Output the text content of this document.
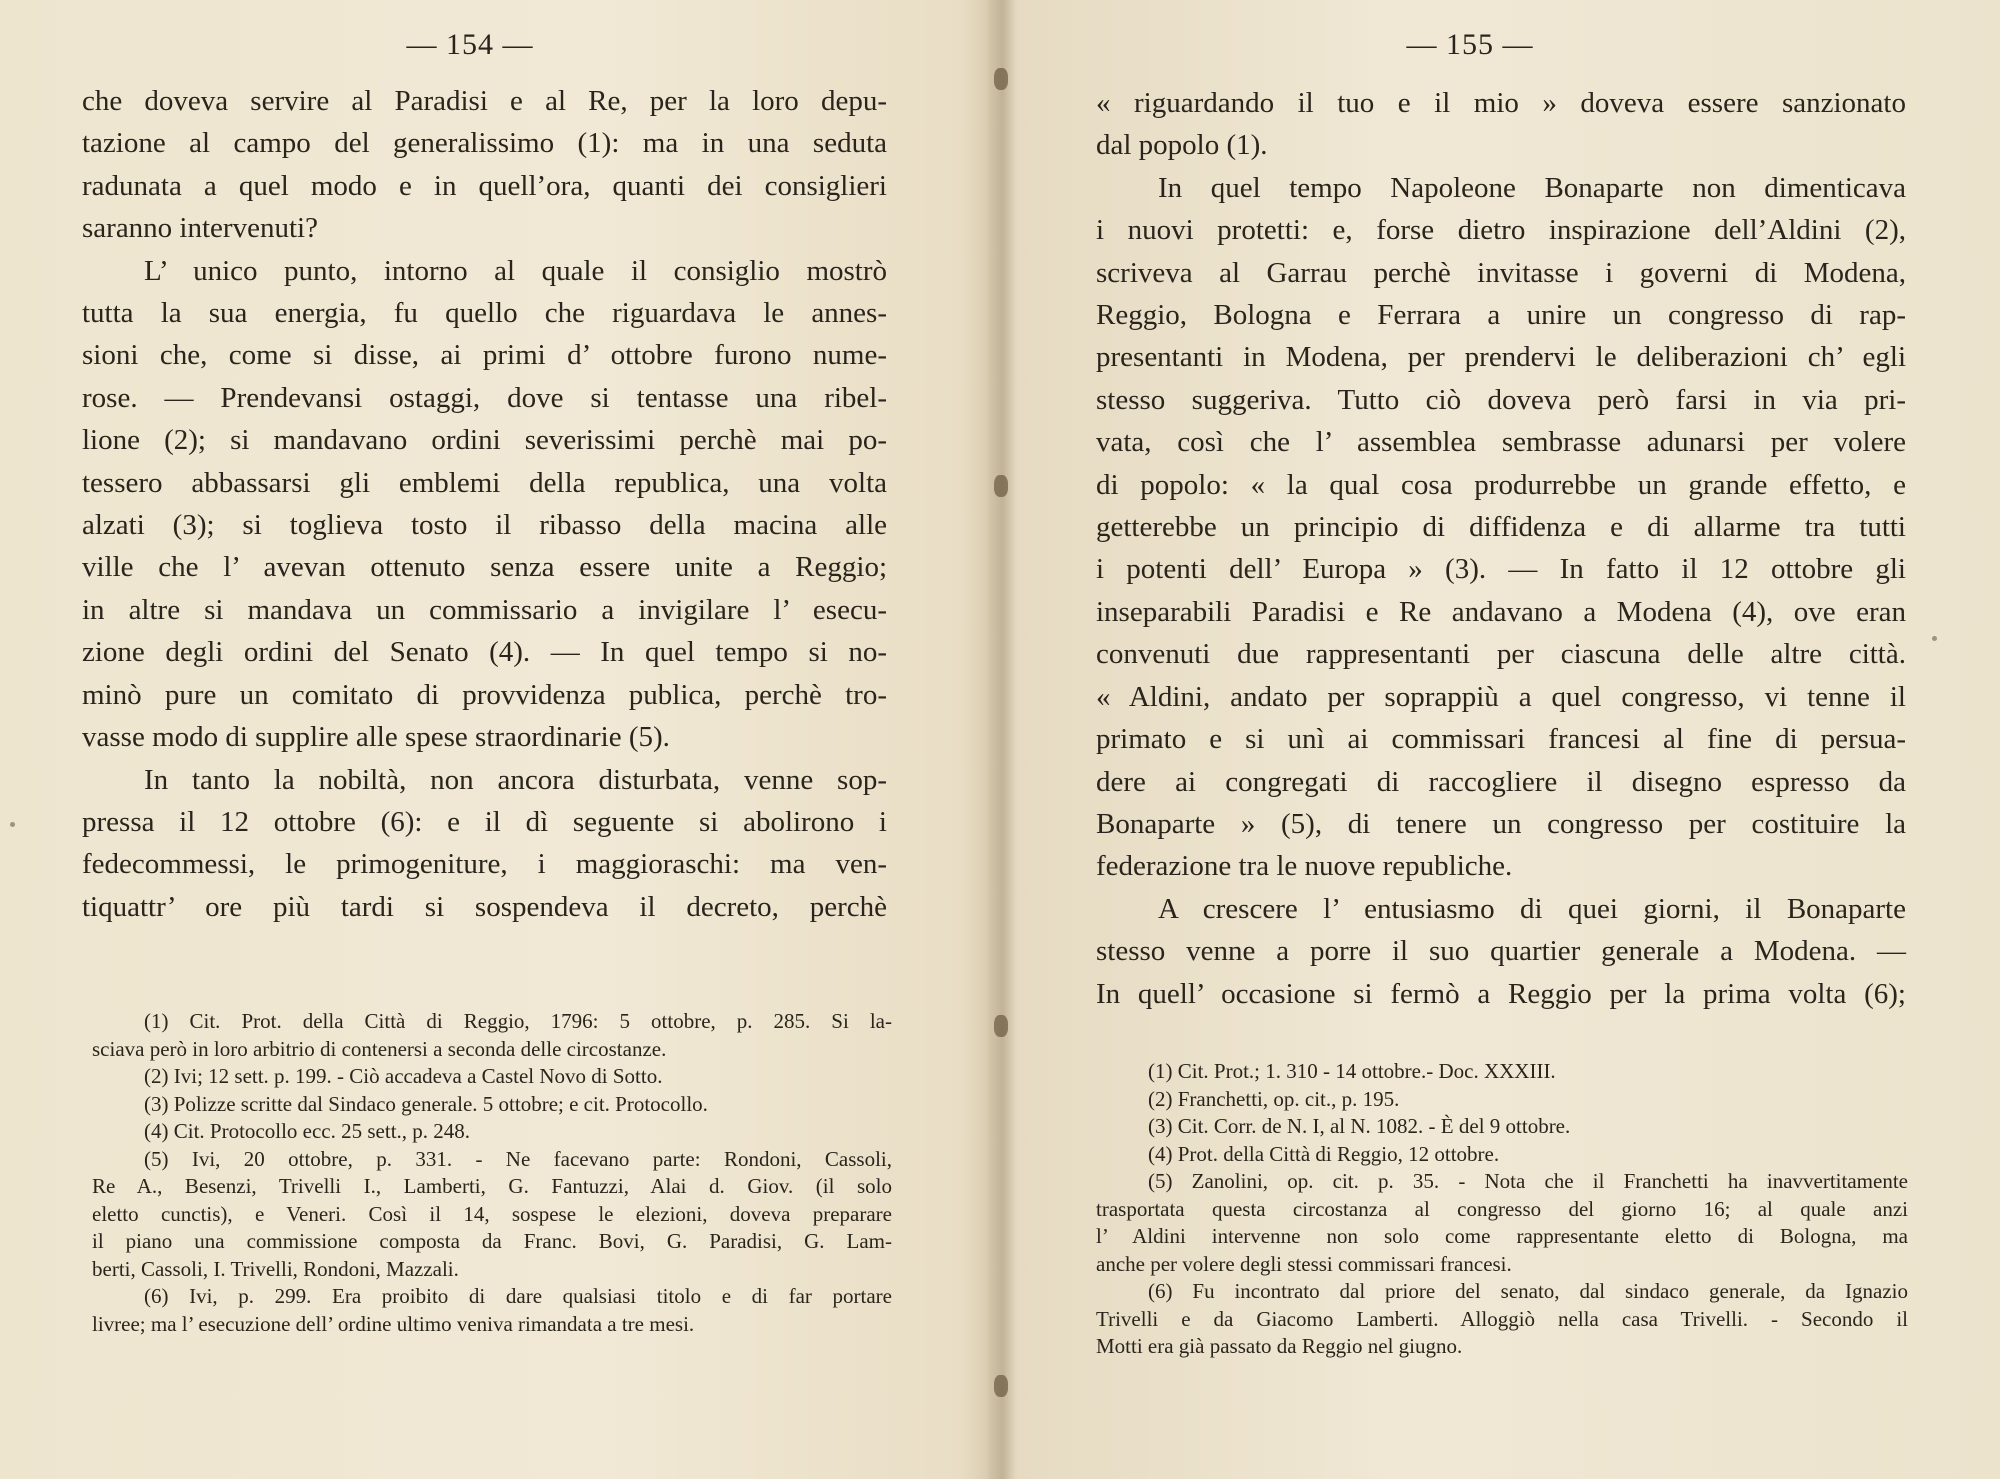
— 154 —
che doveva servire al Paradisi e al Re, per la loro depu-
tazione al campo del generalissimo (1): ma in una seduta
radunata a quel modo e in quell’ora, quanti dei consiglieri
saranno intervenuti?
L’ unico punto, intorno al quale il consiglio mostrò
tutta la sua energia, fu quello che riguardava le annes-
sioni che, come si disse, ai primi d’ ottobre furono nume-
rose. — Prendevansi ostaggi, dove si tentasse una ribel-
lione (2); si mandavano ordini severissimi perchè mai po-
tessero abbassarsi gli emblemi della republica, una volta
alzati (3); si toglieva tosto il ribasso della macina alle
ville che l’ avevan ottenuto senza essere unite a Reggio;
in altre si mandava un commissario a invigilare l’ esecu-
zione degli ordini del Senato (4). — In quel tempo si no-
minò pure un comitato di provvidenza publica, perchè tro-
vasse modo di supplire alle spese straordinarie (5).
In tanto la nobiltà, non ancora disturbata, venne sop-
pressa il 12 ottobre (6): e il dì seguente si abolirono i
fedecommessi, le primogeniture, i maggioraschi: ma ven-
tiquattr’ ore più tardi si sospendeva il decreto, perchè
(1) Cit. Prot. della Città di Reggio, 1796: 5 ottobre, p. 285. Si la-
sciava però in loro arbitrio di contenersi a seconda delle circostanze.
(2) Ivi; 12 sett. p. 199. - Ciò accadeva a Castel Novo di Sotto.
(3) Polizze scritte dal Sindaco generale. 5 ottobre; e cit. Protocollo.
(4) Cit. Protocollo ecc. 25 sett., p. 248.
(5) Ivi, 20 ottobre, p. 331. - Ne facevano parte: Rondoni, Cassoli,
Re A., Besenzi, Trivelli I., Lamberti, G. Fantuzzi, Alai d. Giov. (il solo
eletto cunctis), e Veneri. Così il 14, sospese le elezioni, doveva preparare
il piano una commissione composta da Franc. Bovi, G. Paradisi, G. Lam-
berti, Cassoli, I. Trivelli, Rondoni, Mazzali.
(6) Ivi, p. 299. Era proibito di dare qualsiasi titolo e di far portare
livree; ma l’ esecuzione dell’ ordine ultimo veniva rimandata a tre mesi.
— 155 —
« riguardando il tuo e il mio » doveva essere sanzionato
dal popolo (1).
In quel tempo Napoleone Bonaparte non dimenticava
i nuovi protetti: e, forse dietro inspirazione dell’Aldini (2),
scriveva al Garrau perchè invitasse i governi di Modena,
Reggio, Bologna e Ferrara a unire un congresso di rap-
presentanti in Modena, per prendervi le deliberazioni ch’ egli
stesso suggeriva. Tutto ciò doveva però farsi in via pri-
vata, così che l’ assemblea sembrasse adunarsi per volere
di popolo: « la qual cosa produrrebbe un grande effetto, e
getterebbe un principio di diffidenza e di allarme tra tutti
i potenti dell’ Europa » (3). — In fatto il 12 ottobre gli
inseparabili Paradisi e Re andavano a Modena (4), ove eran
convenuti due rappresentanti per ciascuna delle altre città.
« Aldini, andato per soprappiù a quel congresso, vi tenne il
primato e si unì ai commissari francesi al fine di persua-
dere ai congregati di raccogliere il disegno espresso da
Bonaparte » (5), di tenere un congresso per costituire la
federazione tra le nuove republiche.
A crescere l’ entusiasmo di quei giorni, il Bonaparte
stesso venne a porre il suo quartier generale a Modena. —
In quell’ occasione si fermò a Reggio per la prima volta (6);
(1) Cit. Prot.; 1. 310 - 14 ottobre.- Doc. XXXIII.
(2) Franchetti, op. cit., p. 195.
(3) Cit. Corr. de N. I, al N. 1082. - È del 9 ottobre.
(4) Prot. della Città di Reggio, 12 ottobre.
(5) Zanolini, op. cit. p. 35. - Nota che il Franchetti ha inavvertitamente
trasportata questa circostanza al congresso del giorno 16; al quale anzi
l’ Aldini intervenne non solo come rappresentante eletto di Bologna, ma
anche per volere degli stessi commissari francesi.
(6) Fu incontrato dal priore del senato, dal sindaco generale, da Ignazio
Trivelli e da Giacomo Lamberti. Alloggiò nella casa Trivelli. - Secondo il
Motti era già passato da Reggio nel giugno.
